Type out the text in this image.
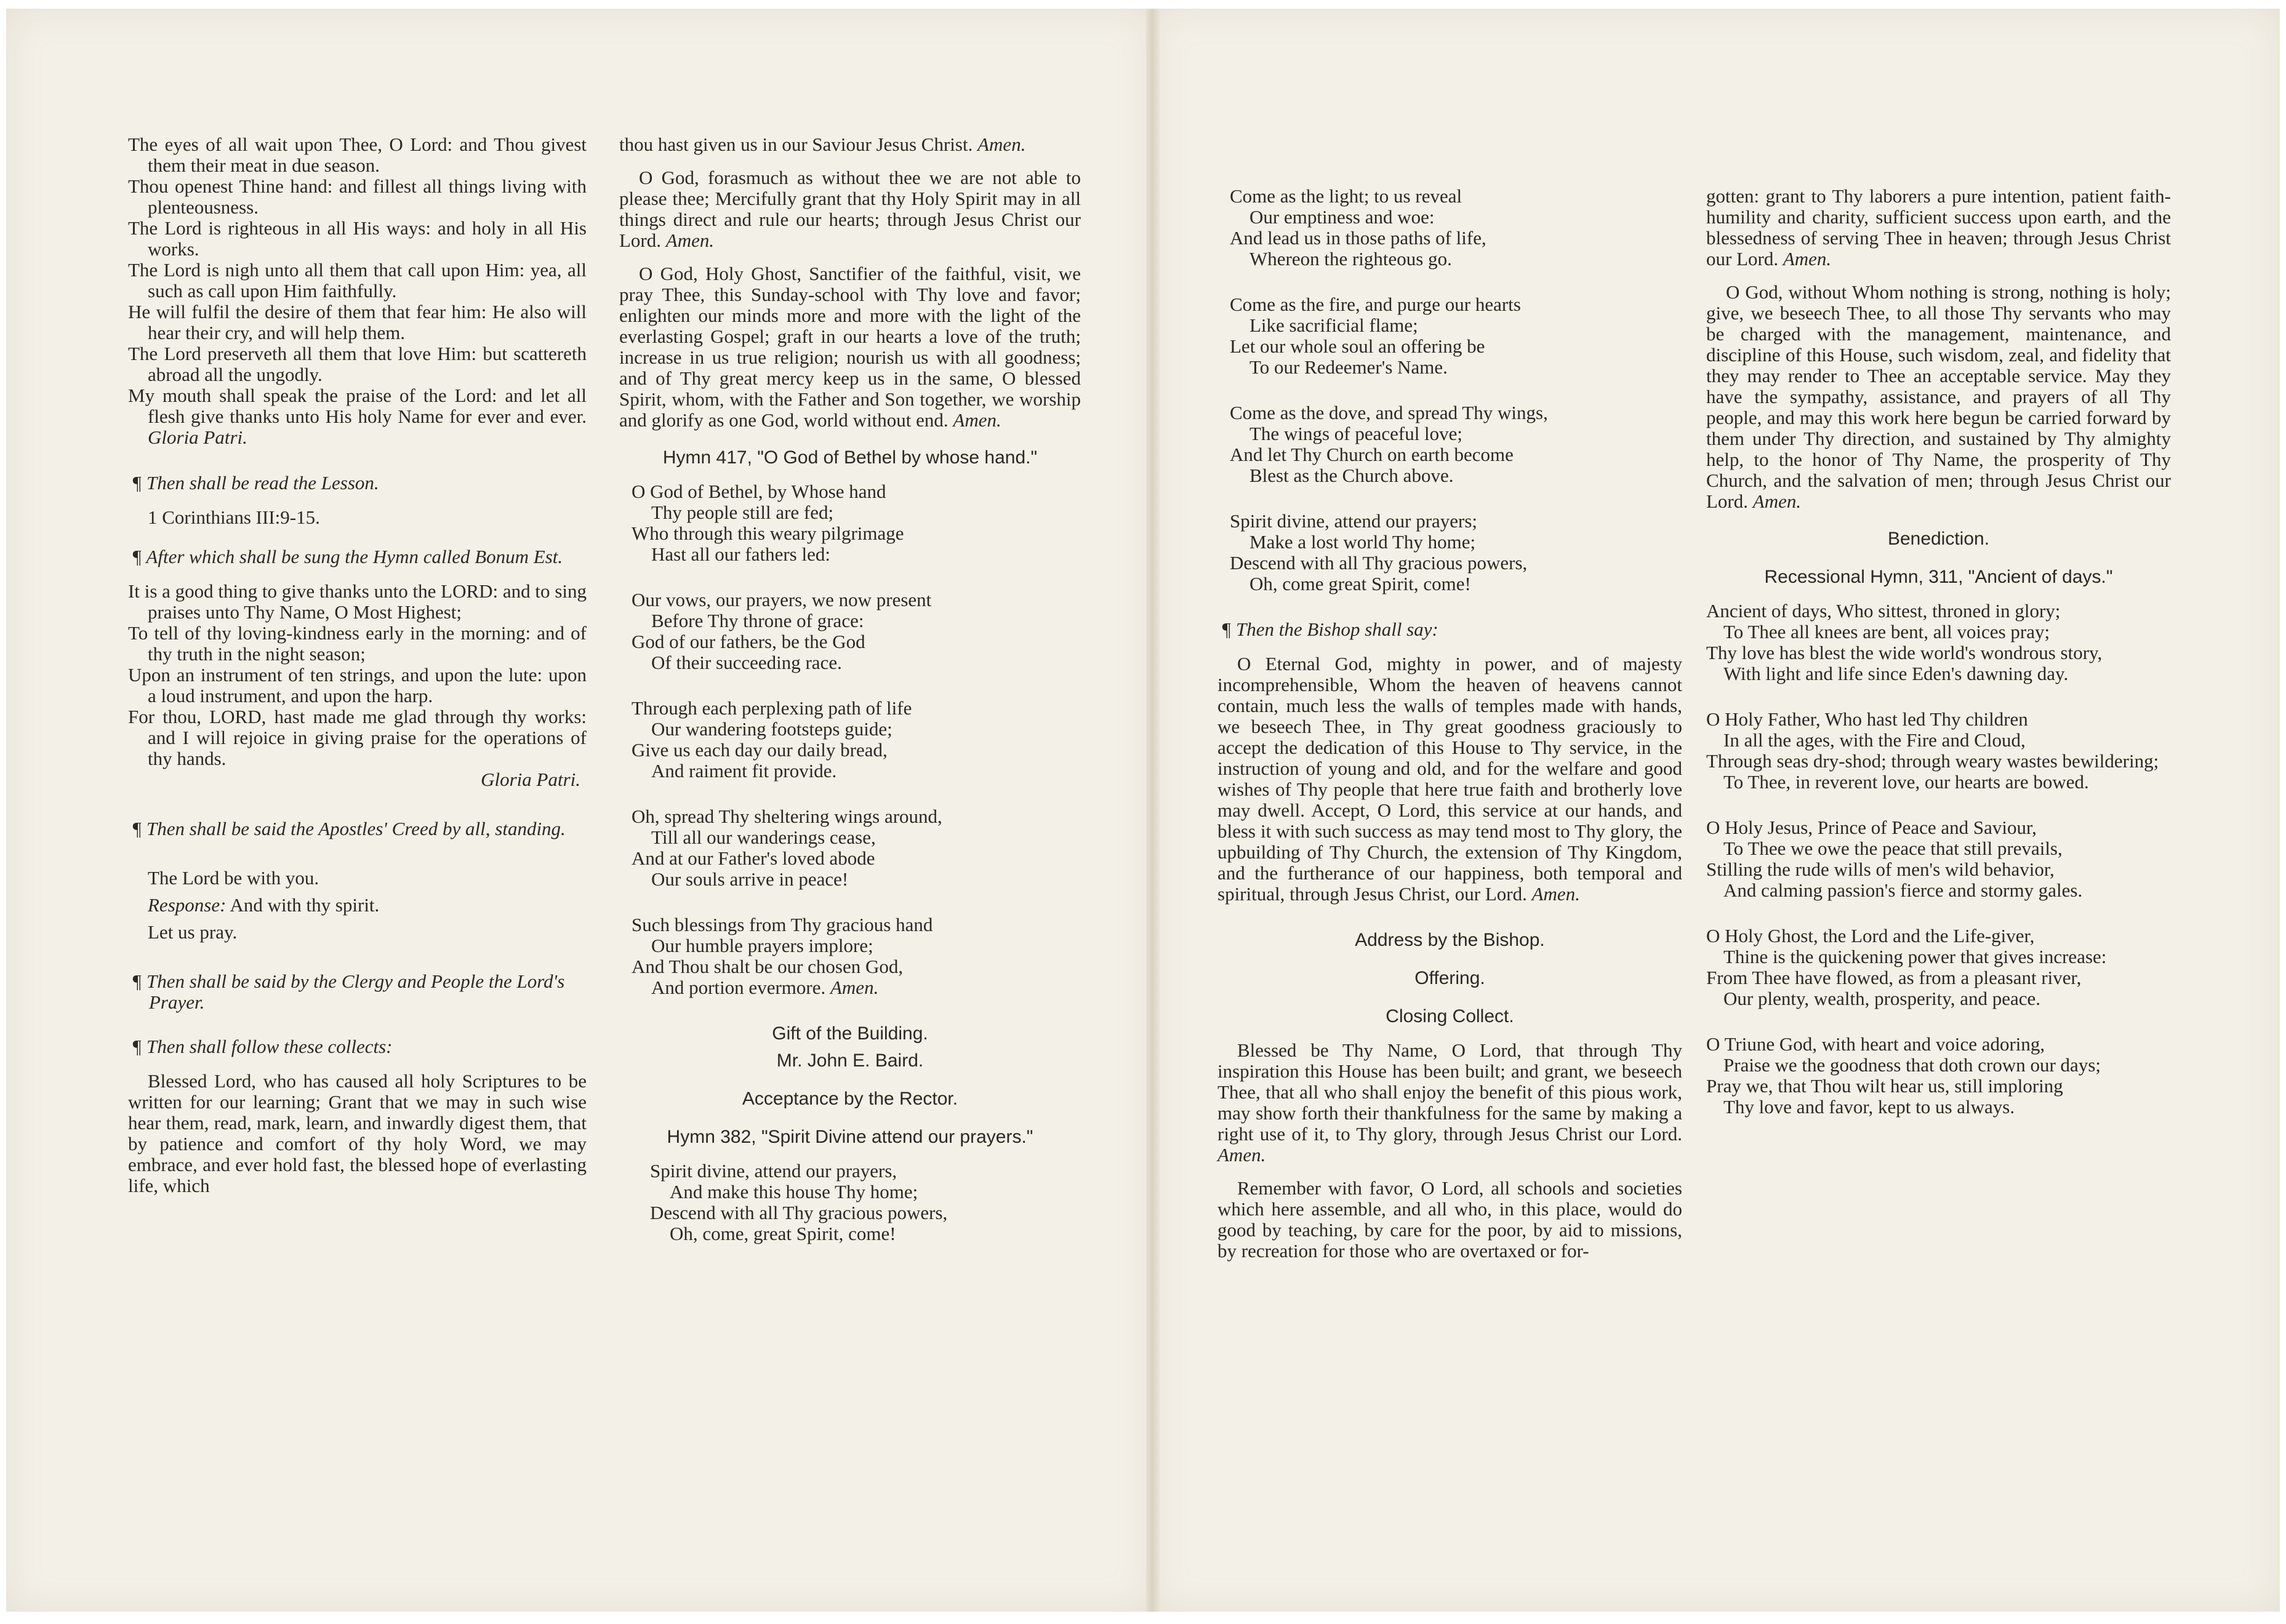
The eyes of all wait upon Thee, O Lord: and Thou givest them their meat in due season.

Thou openest Thine hand: and fillest all things living with plenteousness.

The Lord is righteous in all His ways: and holy in all His works.

The Lord is nigh unto all them that call upon Him: yea, all such as call upon Him faithfully.

He will fulfil the desire of them that fear him: He also will hear their cry, and will help them.

The Lord preserveth all them that love Him: but scattereth abroad all the ungodly.

My mouth shall speak the praise of the Lord: and let all flesh give thanks unto His holy Name for ever and ever. Gloria Patri.

¶ Then shall be read the Lesson.

1 Corinthians III:9-15.

¶ After which shall be sung the Hymn called Bonum Est.

It is a good thing to give thanks unto the LORD: and to sing praises unto Thy Name, O Most Highest;

To tell of thy loving-kindness early in the morning: and of thy truth in the night season;

Upon an instrument of ten strings, and upon the lute: upon a loud instrument, and upon the harp.

For thou, LORD, hast made me glad through thy works: and I will rejoice in giving praise for the operations of thy hands.

Gloria Patri.

¶ Then shall be said the Apostles' Creed by all, standing.

The Lord be with you.

Response: And with thy spirit.

Let us pray.

¶ Then shall be said by the Clergy and People the Lord's Prayer.

¶ Then shall follow these collects:

Blessed Lord, who has caused all holy Scriptures to be written for our learning; Grant that we may in such wise hear them, read, mark, learn, and inwardly digest them, that by patience and comfort of thy holy Word, we may embrace, and ever hold fast, the blessed hope of everlasting life, which

thou hast given us in our Saviour Jesus Christ. Amen.

O God, forasmuch as without thee we are not able to please thee; Mercifully grant that thy Holy Spirit may in all things direct and rule our hearts; through Jesus Christ our Lord. Amen.

O God, Holy Ghost, Sanctifier of the faithful, visit, we pray Thee, this Sunday-school with Thy love and favor; enlighten our minds more and more with the light of the everlasting Gospel; graft in our hearts a love of the truth; increase in us true religion; nourish us with all goodness; and of Thy great mercy keep us in the same, O blessed Spirit, whom, with the Father and Son together, we worship and glorify as one God, world without end. Amen.

Hymn 417, "O God of Bethel by whose hand."
O God of Bethel, by Whose hand
Thy people still are fed;
Who through this weary pilgrimage
Hast all our fathers led:
Our vows, our prayers, we now present
Before Thy throne of grace:
God of our fathers, be the God
Of their succeeding race.
Through each perplexing path of life
Our wandering footsteps guide;
Give us each day our daily bread,
And raiment fit provide.
Oh, spread Thy sheltering wings around,
Till all our wanderings cease,
And at our Father's loved abode
Our souls arrive in peace!
Such blessings from Thy gracious hand
Our humble prayers implore;
And Thou shalt be our chosen God,
And portion evermore. Amen.
Gift of the Building.
Mr. John E. Baird.
Acceptance by the Rector.
Hymn 382, "Spirit Divine attend our prayers."
Spirit divine, attend our prayers,
And make this house Thy home;
Descend with all Thy gracious powers,
Oh, come, great Spirit, come!
Come as the light; to us reveal
Our emptiness and woe:
And lead us in those paths of life,
Whereon the righteous go.
Come as the fire, and purge our hearts
Like sacrificial flame;
Let our whole soul an offering be
To our Redeemer's Name.
Come as the dove, and spread Thy wings,
The wings of peaceful love;
And let Thy Church on earth become
Blest as the Church above.
Spirit divine, attend our prayers;
Make a lost world Thy home;
Descend with all Thy gracious powers,
Oh, come great Spirit, come!

¶ Then the Bishop shall say:

O Eternal God, mighty in power, and of majesty incomprehensible, Whom the heaven of heavens cannot contain, much less the walls of temples made with hands, we beseech Thee, in Thy great goodness graciously to accept the dedication of this House to Thy service, in the instruction of young and old, and for the welfare and good wishes of Thy people that here true faith and brotherly love may dwell. Accept, O Lord, this service at our hands, and bless it with such success as may tend most to Thy glory, the upbuilding of Thy Church, the extension of Thy Kingdom, and the furtherance of our happiness, both temporal and spiritual, through Jesus Christ, our Lord. Amen.

Address by the Bishop.
Offering.
Closing Collect.

Blessed be Thy Name, O Lord, that through Thy inspiration this House has been built; and grant, we beseech Thee, that all who shall enjoy the benefit of this pious work, may show forth their thankfulness for the same by making a right use of it, to Thy glory, through Jesus Christ our Lord. Amen.

Remember with favor, O Lord, all schools and societies which here assemble, and all who, in this place, would do good by teaching, by care for the poor, by aid to missions, by recreation for those who are overtaxed or for-

gotten: grant to Thy laborers a pure intention, patient faith-humility and charity, sufficient success upon earth, and the blessedness of serving Thee in heaven; through Jesus Christ our Lord. Amen.

O God, without Whom nothing is strong, nothing is holy; give, we beseech Thee, to all those Thy servants who may be charged with the management, maintenance, and discipline of this House, such wisdom, zeal, and fidelity that they may render to Thee an acceptable service. May they have the sympathy, assistance, and prayers of all Thy people, and may this work here begun be carried forward by them under Thy direction, and sustained by Thy almighty help, to the honor of Thy Name, the prosperity of Thy Church, and the salvation of men; through Jesus Christ our Lord. Amen.

Benediction.
Recessional Hymn, 311, "Ancient of days."
Ancient of days, Who sittest, throned in glory;
To Thee all knees are bent, all voices pray;
Thy love has blest the wide world's wondrous story,
With light and life since Eden's dawning day.
O Holy Father, Who hast led Thy children
In all the ages, with the Fire and Cloud,
Through seas dry-shod; through weary wastes bewildering;
To Thee, in reverent love, our hearts are bowed.
O Holy Jesus, Prince of Peace and Saviour,
To Thee we owe the peace that still prevails,
Stilling the rude wills of men's wild behavior,
And calming passion's fierce and stormy gales.
O Holy Ghost, the Lord and the Life-giver,
Thine is the quickening power that gives increase:
From Thee have flowed, as from a pleasant river,
Our plenty, wealth, prosperity, and peace.
O Triune God, with heart and voice adoring,
Praise we the goodness that doth crown our days;
Pray we, that Thou wilt hear us, still imploring
Thy love and favor, kept to us always.
